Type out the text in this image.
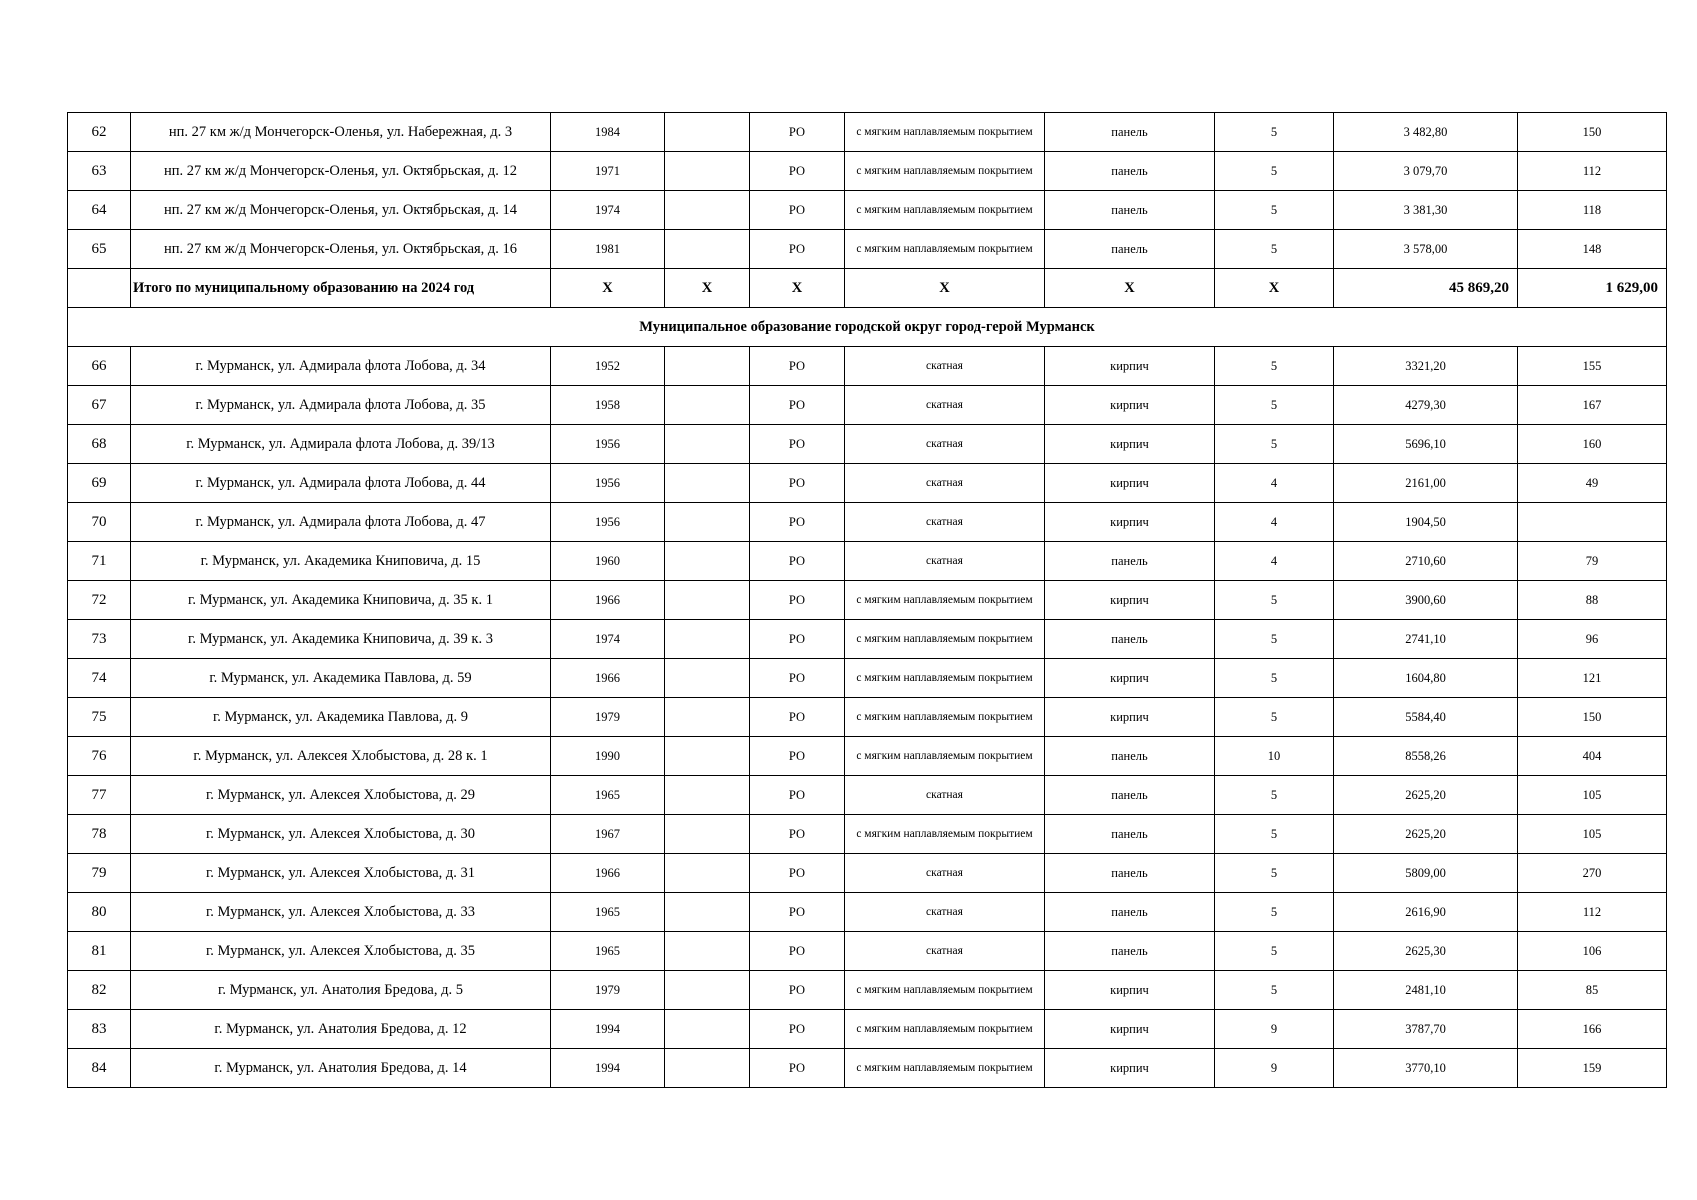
62	нп. 27 км ж/д Мончегорск-Оленья, ул. Набережная, д. 3	1984		РО	с мягким наплавляемым покрытием	панель	5	3 482,80	150
63	нп. 27 км ж/д Мончегорск-Оленья, ул. Октябрьская, д. 12	1971		РО	с мягким наплавляемым покрытием	панель	5	3 079,70	112
64	нп. 27 км ж/д Мончегорск-Оленья, ул. Октябрьская, д. 14	1974		РО	с мягким наплавляемым покрытием	панель	5	3 381,30	118
65	нп. 27 км ж/д Мончегорск-Оленья, ул. Октябрьская, д. 16	1981		РО	с мягким наплавляемым покрытием	панель	5	3 578,00	148
	Итого по муниципальному образованию на 2024 год	Х	Х	Х	Х	Х	Х	45 869,20	1 629,00
Муниципальное образование городской округ город-герой Мурманск									
66	г. Мурманск, ул. Адмирала флота Лобова, д. 34	1952		РО	скатная	кирпич	5	3321,20	155
67	г. Мурманск, ул. Адмирала флота Лобова, д. 35	1958		РО	скатная	кирпич	5	4279,30	167
68	г. Мурманск, ул. Адмирала флота Лобова, д. 39/13	1956		РО	скатная	кирпич	5	5696,10	160
69	г. Мурманск, ул. Адмирала флота Лобова, д. 44	1956		РО	скатная	кирпич	4	2161,00	49
70	г. Мурманск, ул. Адмирала флота Лобова, д. 47	1956		РО	скатная	кирпич	4	1904,50	
71	г. Мурманск, ул. Академика Книповича, д. 15	1960		РО	скатная	панель	4	2710,60	79
72	г. Мурманск, ул. Академика Книповича, д. 35 к. 1	1966		РО	с мягким наплавляемым покрытием	кирпич	5	3900,60	88
73	г. Мурманск, ул. Академика Книповича, д. 39 к. 3	1974		РО	с мягким наплавляемым покрытием	панель	5	2741,10	96
74	г. Мурманск, ул. Академика Павлова, д. 59	1966		РО	с мягким наплавляемым покрытием	кирпич	5	1604,80	121
75	г. Мурманск, ул. Академика Павлова, д. 9	1979		РО	с мягким наплавляемым покрытием	кирпич	5	5584,40	150
76	г. Мурманск, ул. Алексея Хлобыстова, д. 28 к. 1	1990		РО	с мягким наплавляемым покрытием	панель	10	8558,26	404
77	г. Мурманск, ул. Алексея Хлобыстова, д. 29	1965		РО	скатная	панель	5	2625,20	105
78	г. Мурманск, ул. Алексея Хлобыстова, д. 30	1967		РО	с мягким наплавляемым покрытием	панель	5	2625,20	105
79	г. Мурманск, ул. Алексея Хлобыстова, д. 31	1966		РО	скатная	панель	5	5809,00	270
80	г. Мурманск, ул. Алексея Хлобыстова, д. 33	1965		РО	скатная	панель	5	2616,90	112
81	г. Мурманск, ул. Алексея Хлобыстова, д. 35	1965		РО	скатная	панель	5	2625,30	106
82	г. Мурманск, ул. Анатолия Бредова, д. 5	1979		РО	с мягким наплавляемым покрытием	кирпич	5	2481,10	85
83	г. Мурманск, ул. Анатолия Бредова, д. 12	1994		РО	с мягким наплавляемым покрытием	кирпич	9	3787,70	166
84	г. Мурманск, ул. Анатолия Бредова, д. 14	1994		РО	с мягким наплавляемым покрытием	кирпич	9	3770,10	159
